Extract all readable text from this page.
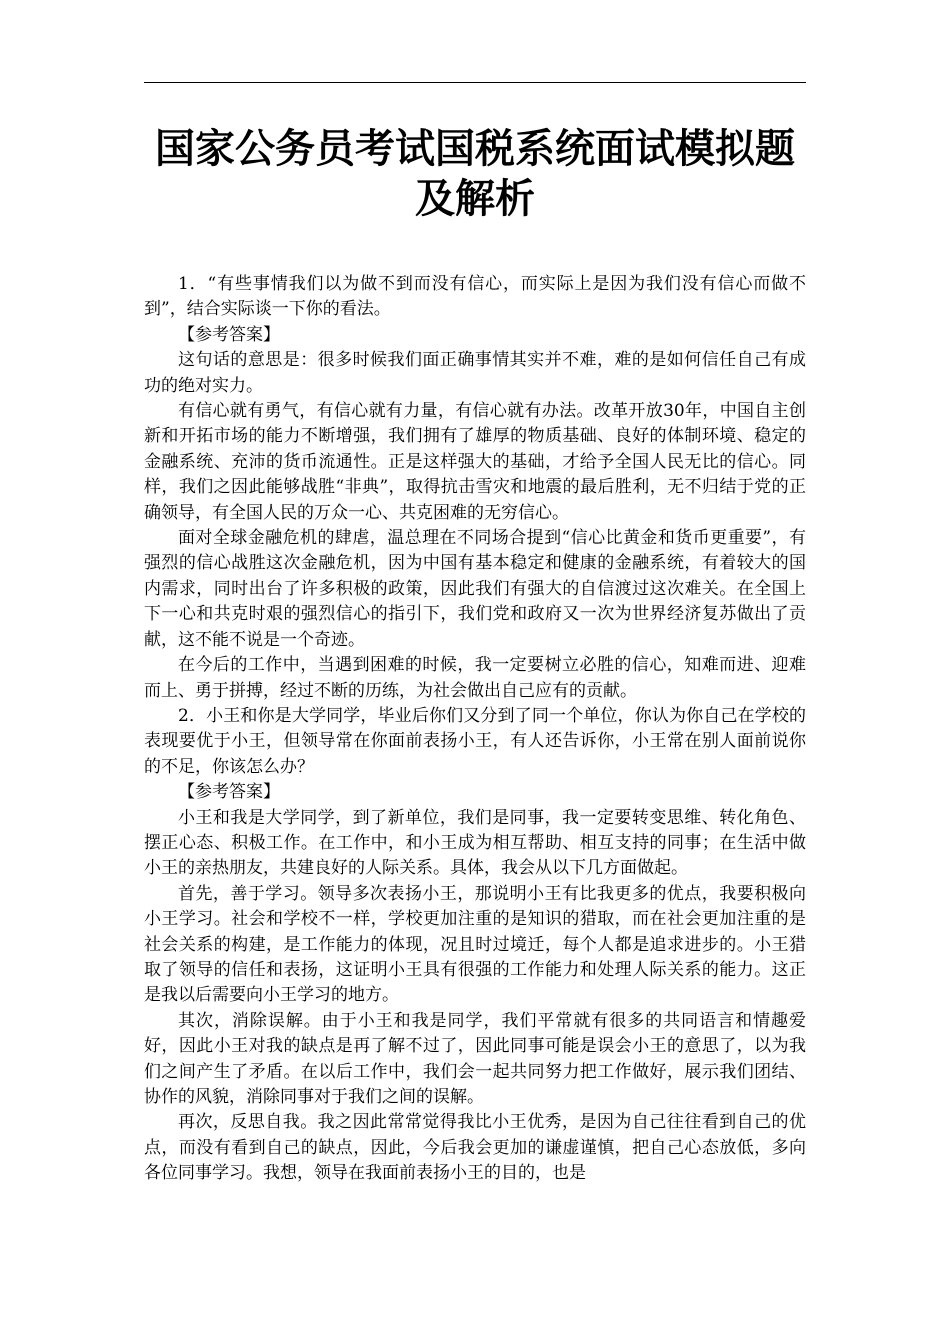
国家公务员考试国税系统面试模拟题
及解析

1．“有些事情我们以为做不到而没有信心，而实际上是因为我们没有信心而做不到”，结合实际谈一下你的看法。

【参考答案】

这句话的意思是：很多时候我们面正确事情其实并不难，难的是如何信任自己有成功的绝对实力。

有信心就有勇气，有信心就有力量，有信心就有办法。改革开放30年，中国自主创新和开拓市场的能力不断增强，我们拥有了雄厚的物质基础、良好的体制环境、稳定的金融系统、充沛的货币流通性。正是这样强大的基础，才给予全国人民无比的信心。同样，我们之因此能够战胜“非典”，取得抗击雪灾和地震的最后胜利，无不归结于党的正确领导，有全国人民的万众一心、共克困难的无穷信心。

面对全球金融危机的肆虐，温总理在不同场合提到“信心比黄金和货币更重要”，有强烈的信心战胜这次金融危机，因为中国有基本稳定和健康的金融系统，有着较大的国内需求，同时出台了许多积极的政策，因此我们有强大的自信渡过这次难关。在全国上下一心和共克时艰的强烈信心的指引下，我们党和政府又一次为世界经济复苏做出了贡献，这不能不说是一个奇迹。

在今后的工作中，当遇到困难的时候，我一定要树立必胜的信心，知难而进、迎难而上、勇于拼搏，经过不断的历练，为社会做出自己应有的贡献。

2．小王和你是大学同学，毕业后你们又分到了同一个单位，你认为你自己在学校的表现要优于小王，但领导常在你面前表扬小王，有人还告诉你，小王常在别人面前说你的不足，你该怎么办？

【参考答案】

小王和我是大学同学，到了新单位，我们是同事，我一定要转变思维、转化角色、摆正心态、积极工作。在工作中，和小王成为相互帮助、相互支持的同事；在生活中做小王的亲热朋友，共建良好的人际关系。具体，我会从以下几方面做起。

首先，善于学习。领导多次表扬小王，那说明小王有比我更多的优点，我要积极向小王学习。社会和学校不一样，学校更加注重的是知识的猎取，而在社会更加注重的是社会关系的构建，是工作能力的体现，况且时过境迁，每个人都是追求进步的。小王猎取了领导的信任和表扬，这证明小王具有很强的工作能力和处理人际关系的能力。这正是我以后需要向小王学习的地方。

其次，消除误解。由于小王和我是同学，我们平常就有很多的共同语言和情趣爱好，因此小王对我的缺点是再了解不过了，因此同事可能是误会小王的意思了，以为我们之间产生了矛盾。在以后工作中，我们会一起共同努力把工作做好，展示我们团结、协作的风貌，消除同事对于我们之间的误解。

再次，反思自我。我之因此常常觉得我比小王优秀，是因为自己往往看到自己的优点，而没有看到自己的缺点，因此，今后我会更加的谦虚谨慎，把自己心态放低，多向各位同事学习。我想，领导在我面前表扬小王的目的，也是
